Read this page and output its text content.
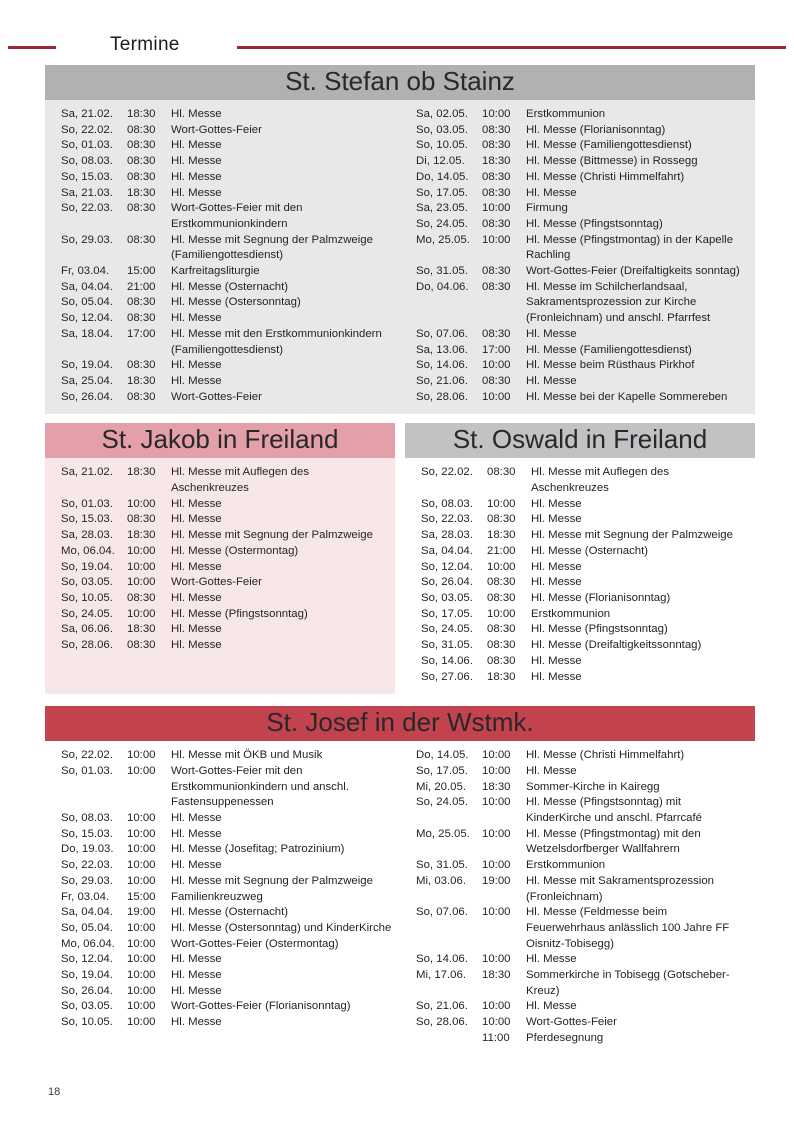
Termine
St. Stefan ob Stainz
Sa, 21.02.	18:30	Hl. Messe
So, 22.02.	08:30	Wort-Gottes-Feier
So, 01.03.	08:30	Hl. Messe
So, 08.03.	08:30	Hl. Messe
So, 15.03.	08:30	Hl. Messe
Sa, 21.03.	18:30	Hl. Messe
So, 22.03.	08:30	Wort-Gottes-Feier mit den Erstkommunionkindern
So, 29.03.	08:30	Hl. Messe mit Segnung der Palmzweige (Familiengottesdienst)
Fr, 03.04.	15:00	Karfreitagsliturgie
Sa, 04.04.	21:00	Hl. Messe (Osternacht)
So, 05.04.	08:30	Hl. Messe (Ostersonntag)
So, 12.04.	08:30	Hl. Messe
Sa, 18.04.	17:00	Hl. Messe mit den Erstkommunionkindern (Familiengottesdienst)
So, 19.04.	08:30	Hl. Messe
Sa, 25.04.	18:30	Hl. Messe
So, 26.04.	08:30	Wort-Gottes-Feier
Sa, 02.05.	10:00	Erstkommunion
So, 03.05.	08:30	Hl. Messe (Florianisonntag)
So, 10.05.	08:30	Hl. Messe (Familiengottesdienst)
Di, 12.05.	18:30	Hl. Messe (Bittmesse) in Rossegg
Do, 14.05.	08:30	Hl. Messe (Christi Himmelfahrt)
So, 17.05.	08:30	Hl. Messe
Sa, 23.05.	10:00	Firmung
So, 24.05.	08:30	Hl. Messe (Pfingstsonntag)
Mo, 25.05.	10:00	Hl. Messe (Pfingstmontag) in der Kapelle Rachling
So, 31.05.	08:30	Wort-Gottes-Feier (Dreifaltigkeits sonntag)
Do, 04.06.	08:30	Hl. Messe im Schilcherlandsaal, Sakramentsprozession zur Kirche (Fronleichnam) und anschl. Pfarrfest
So, 07.06.	08:30	Hl. Messe
Sa, 13.06.	17:00	Hl. Messe (Familiengottesdienst)
So, 14.06.	10:00	Hl. Messe beim Rüsthaus Pirkhof
So, 21.06.	08:30	Hl. Messe
So, 28.06.	10:00	Hl. Messe bei der Kapelle Sommereben
St. Jakob in Freiland
Sa, 21.02.	18:30	Hl. Messe mit Auflegen des Aschenkreuzes
So, 01.03.	10:00	Hl. Messe
So, 15.03.	08:30	Hl. Messe
Sa, 28.03.	18:30	Hl. Messe mit Segnung der Palmzweige
Mo, 06.04.	10:00	Hl. Messe (Ostermontag)
So, 19.04.	10:00	Hl. Messe
So, 03.05.	10:00	Wort-Gottes-Feier
So, 10.05.	08:30	Hl. Messe
So, 24.05.	10:00	Hl. Messe (Pfingstsonntag)
Sa, 06.06.	18:30	Hl. Messe
So, 28.06.	08:30	Hl. Messe
St. Oswald in Freiland
So, 22.02.	08:30	Hl. Messe mit Auflegen des Aschenkreuzes
So, 08.03.	10:00	Hl. Messe
So, 22.03.	08:30	Hl. Messe
Sa, 28.03.	18:30	Hl. Messe mit Segnung der Palmzweige
Sa, 04.04.	21:00	Hl. Messe (Osternacht)
So, 12.04.	10:00	Hl. Messe
So, 26.04.	08:30	Hl. Messe
So, 03.05.	08:30	Hl. Messe (Florianisonntag)
So, 17.05.	10:00	Erstkommunion
So, 24.05.	08:30	Hl. Messe (Pfingstsonntag)
So, 31.05.	08:30	Hl. Messe (Dreifaltigkeitssonntag)
So, 14.06.	08:30	Hl. Messe
So, 27.06.	18:30	Hl. Messe
St. Josef in der Wstmk.
So, 22.02.	10:00	Hl. Messe mit ÖKB und Musik
So, 01.03.	10:00	Wort-Gottes-Feier mit den Erstkommunionkindern und anschl. Fastensuppenessen
So, 08.03.	10:00	Hl. Messe
So, 15.03.	10:00	Hl. Messe
Do, 19.03.	10:00	Hl. Messe (Josefitag; Patrozinium)
So, 22.03.	10:00	Hl. Messe
So, 29.03.	10:00	Hl. Messe mit Segnung der Palmzweige
Fr, 03.04.	15:00	Familienkreuzweg
Sa, 04.04.	19:00	Hl. Messe (Osternacht)
So, 05.04.	10:00	Hl. Messe (Ostersonntag) und KinderKirche
Mo, 06.04.	10:00	Wort-Gottes-Feier (Ostermontag)
So, 12.04.	10:00	Hl. Messe
So, 19.04.	10:00	Hl. Messe
So, 26.04.	10:00	Hl. Messe
So, 03.05.	10:00	Wort-Gottes-Feier (Florianisonntag)
So, 10.05.	10:00	Hl. Messe
Do, 14.05.	10:00	Hl. Messe (Christi Himmelfahrt)
So, 17.05.	10:00	Hl. Messe
Mi, 20.05.	18:30	Sommer-Kirche in Kairegg
So, 24.05.	10:00	Hl. Messe (Pfingstsonntag) mit KinderKirche und anschl. Pfarrcafé
Mo, 25.05.	10:00	Hl. Messe (Pfingstmontag) mit den Wetzelsdorfberger Wallfahrern
So, 31.05.	10:00	Erstkommunion
Mi, 03.06.	19:00	Hl. Messe mit Sakramentsprozession (Fronleichnam)
So, 07.06.	10:00	Hl. Messe (Feldmesse beim Feuerwehrhaus anlässlich 100 Jahre FF Oisnitz-Tobisegg)
So, 14.06.	10:00	Hl. Messe
Mi, 17.06.	18:30	Sommerkirche in Tobisegg (Gotscheber-Kreuz)
So, 21.06.	10:00	Hl. Messe
So, 28.06.	10:00	Wort-Gottes-Feier
11:00	Pferdesegnung
18
